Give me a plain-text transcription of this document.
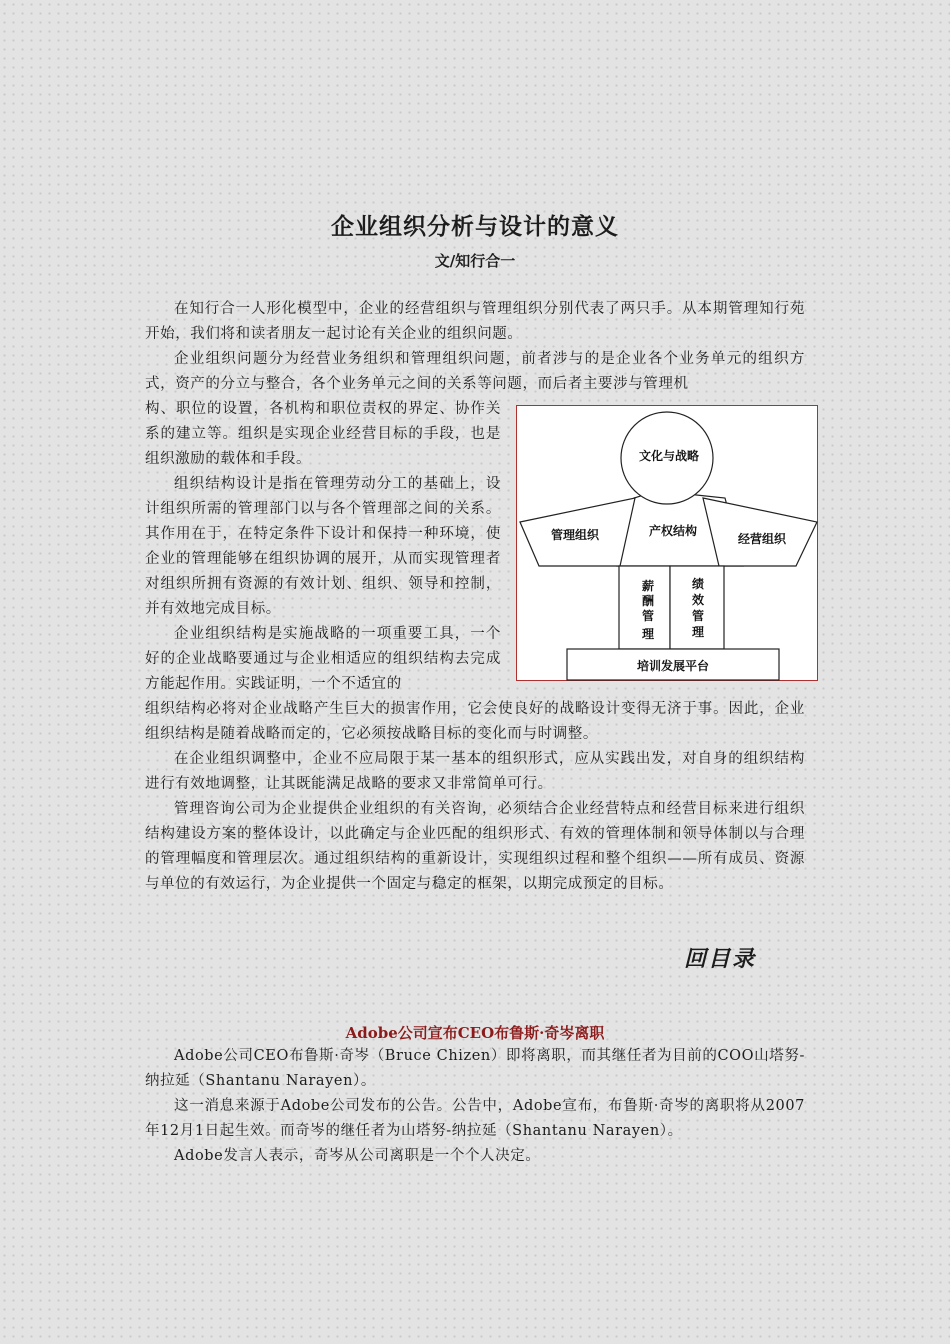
企业组织分析与设计的意义
文/知行合一

在知行合一人形化模型中，企业的经营组织与管理组织分别代表了两只手。从本期管理知行苑开始，我们将和读者朋友一起讨论有关企业的组织问题。

企业组织问题分为经营业务组织和管理组织问题，前者涉与的是企业各个业务单元的组织方式，资产的分立与整合，各个业务单元之间的关系等问题，而后者主要涉与管理机

构、职位的设置，各机构和职位责权的界定、协作关系的建立等。组织是实现企业经营目标的手段，也是组织激励的载体和手段。

组织结构设计是指在管理劳动分工的基础上，设计组织所需的管理部门以与各个管理部之间的关系。其作用在于，在特定条件下设计和保持一种环境，使企业的管理能够在组织协调的展开，从而实现管理者对组织所拥有资源的有效计划、组织、领导和控制，并有效地完成目标。

企业组织结构是实施战略的一项重要工具，一个好的企业战略要通过与企业相适应的组织结构去完成方能起作用。实践证明，一个不适宜的

组织结构必将对企业战略产生巨大的损害作用，它会使良好的战略设计变得无济于事。因此，企业组织结构是随着战略而定的，它必须按战略目标的变化而与时调整。

在企业组织调整中，企业不应局限于某一基本的组织形式，应从实践出发，对自身的组织结构进行有效地调整，让其既能满足战略的要求又非常简单可行。

管理咨询公司为企业提供企业组织的有关咨询，必须结合企业经营特点和经营目标来进行组织结构建设方案的整体设计，以此确定与企业匹配的组织形式、有效的管理体制和领导体制以与合理的管理幅度和管理层次。通过组织结构的重新设计，实现组织过程和整个组织——所有成员、资源与单位的有效运行，为企业提供一个固定与稳定的框架，以期完成预定的目标。

文化与战略
管理组织	产权结构
经营组织
薪
酬
管
理
绩
效
管
理
培训发展平台
回目录
Adobe公司宣布CEO布鲁斯·奇岑离职

Adobe公司CEO布鲁斯·奇岑（Bruce Chizen）即将离职，而其继任者为目前的COO山塔努-纳拉延（Shantanu Narayen）。

这一消息来源于Adobe公司发布的公告。公告中，Adobe宣布，布鲁斯·奇岑的离职将从2007年12月1日起生效。而奇岑的继任者为山塔努-纳拉延（Shantanu Narayen）。

Adobe发言人表示，奇岑从公司离职是一个个人决定。
